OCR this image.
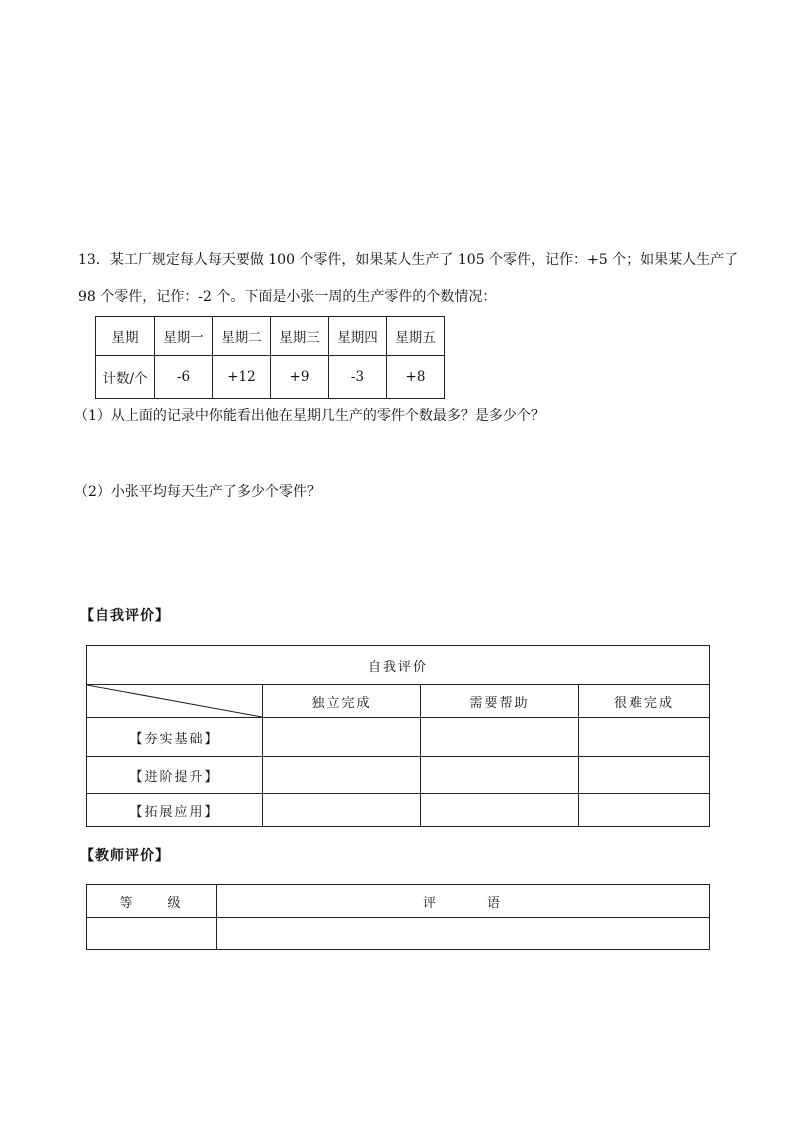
13．某工厂规定每人每天要做 100 个零件，如果某人生产了 105 个零件，记作：+5 个；如果某人生产了
98 个零件，记作：-2 个。下面是小张一周的生产零件的个数情况：
星期	星期一	星期二	星期三	星期四	星期五
计数/个	-6	+12	+9	-3	+8
（1）从上面的记录中你能看出他在星期几生产的零件个数最多？是多少个？
（2）小张平均每天生产了多少个零件？
【自我评价】
自我评价			

	独立完成	需要帮助	很难完成
【夯实基础】			
【进阶提升】			
【拓展应用】			
【教师评价】
等　　级	评　　　语
